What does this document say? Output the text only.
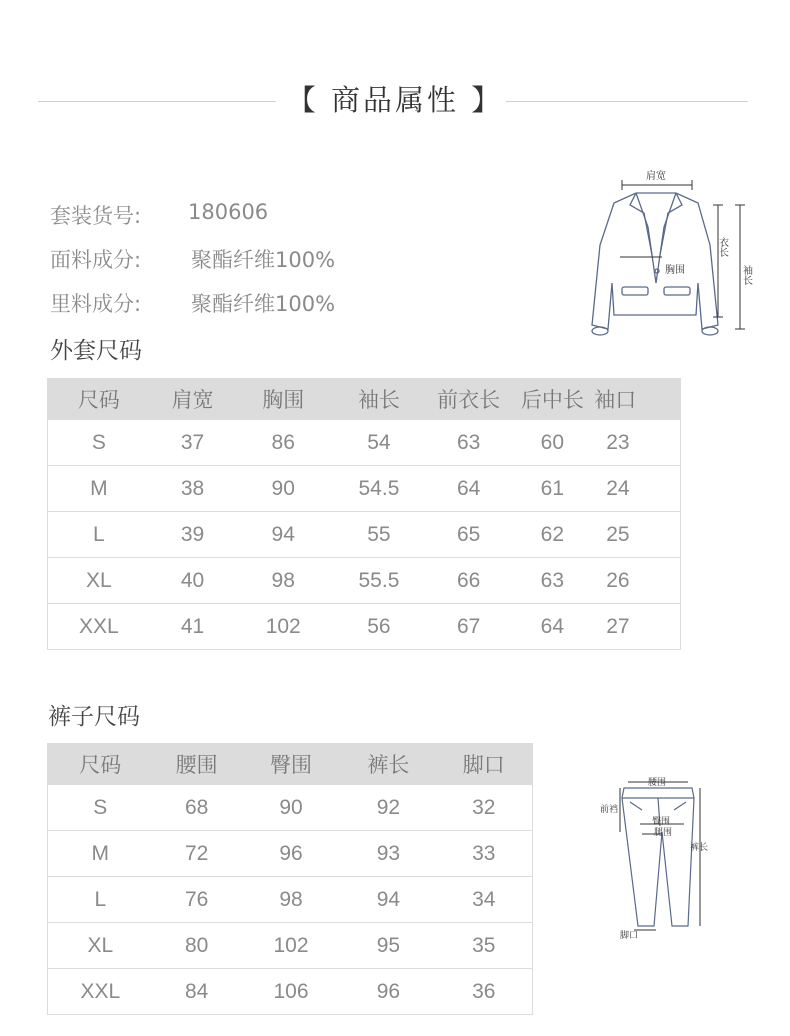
【 商品属性 】
套装货号: 180606
面料成分: 聚酯纤维100%
里料成分: 聚酯纤维100%
肩宽
胸围
衣长
袖长
外套尺码
尺码	肩宽	胸围	袖长	前衣长	后中长	袖口
S	37	86	54	63	60	23
M	38	90	54.5	64	61	24
L	39	94	55	65	62	25
XL	40	98	55.5	66	63	26
XXL	41	102	56	67	64	27
裤子尺码
尺码	腰围	臀围	裤长	脚口
S	68	90	92	32
M	72	96	93	33
L	76	98	94	34
XL	80	102	95	35
XXL	84	106	96	36
腰围
前裆
臀围
腿围
裤长
脚口
